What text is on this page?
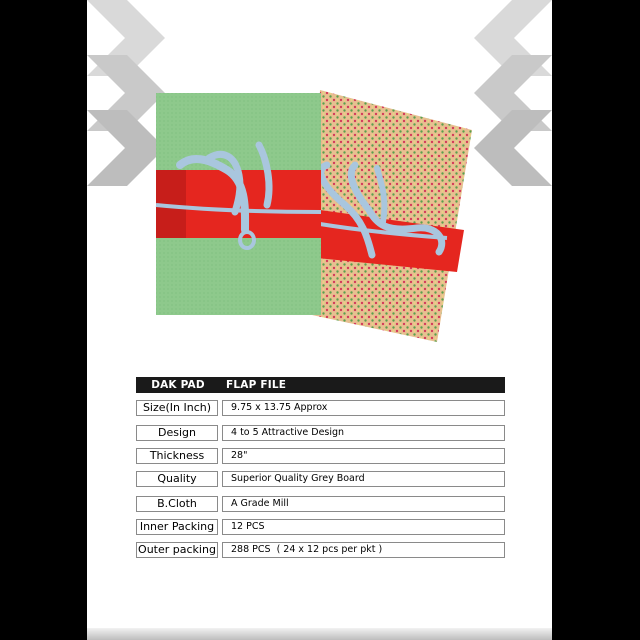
DAK PAD	FLAP FILE
Size(In Inch)	9.75 x 13.75 Approx
Design	4 to 5 Attractive Design
Thickness	28"
Quality	Superior Quality Grey Board
B.Cloth	A Grade Mill
Inner Packing	12 PCS
Outer packing	288 PCS  ( 24 x 12 pcs per pkt )
